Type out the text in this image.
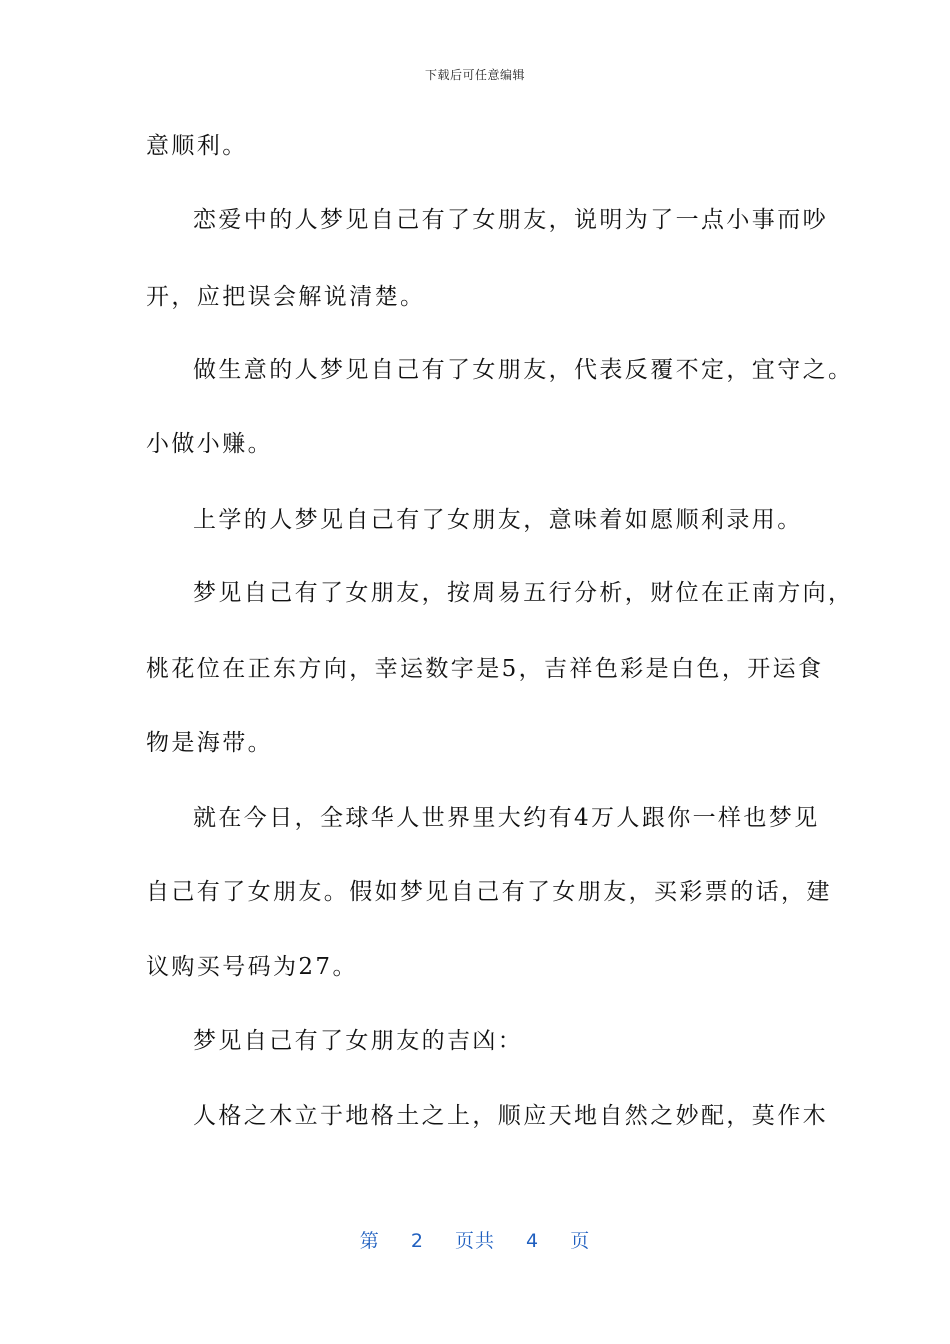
下载后可任意编辑
意顺利。
恋爱中的人梦见自己有了女朋友，说明为了一点小事而吵
开，应把误会解说清楚。
做生意的人梦见自己有了女朋友，代表反覆不定，宜守之。
小做小赚。
上学的人梦见自己有了女朋友，意味着如愿顺利录用。
梦见自己有了女朋友，按周易五行分析，财位在正南方向，
桃花位在正东方向，幸运数字是5，吉祥色彩是白色，开运食
物是海带。
就在今日，全球华人世界里大约有4万人跟你一样也梦见
自己有了女朋友。假如梦见自己有了女朋友，买彩票的话，建
议购买号码为27。
梦见自己有了女朋友的吉凶：
人格之木立于地格土之上，顺应天地自然之妙配，莫作木
第 2 页共 4 页
